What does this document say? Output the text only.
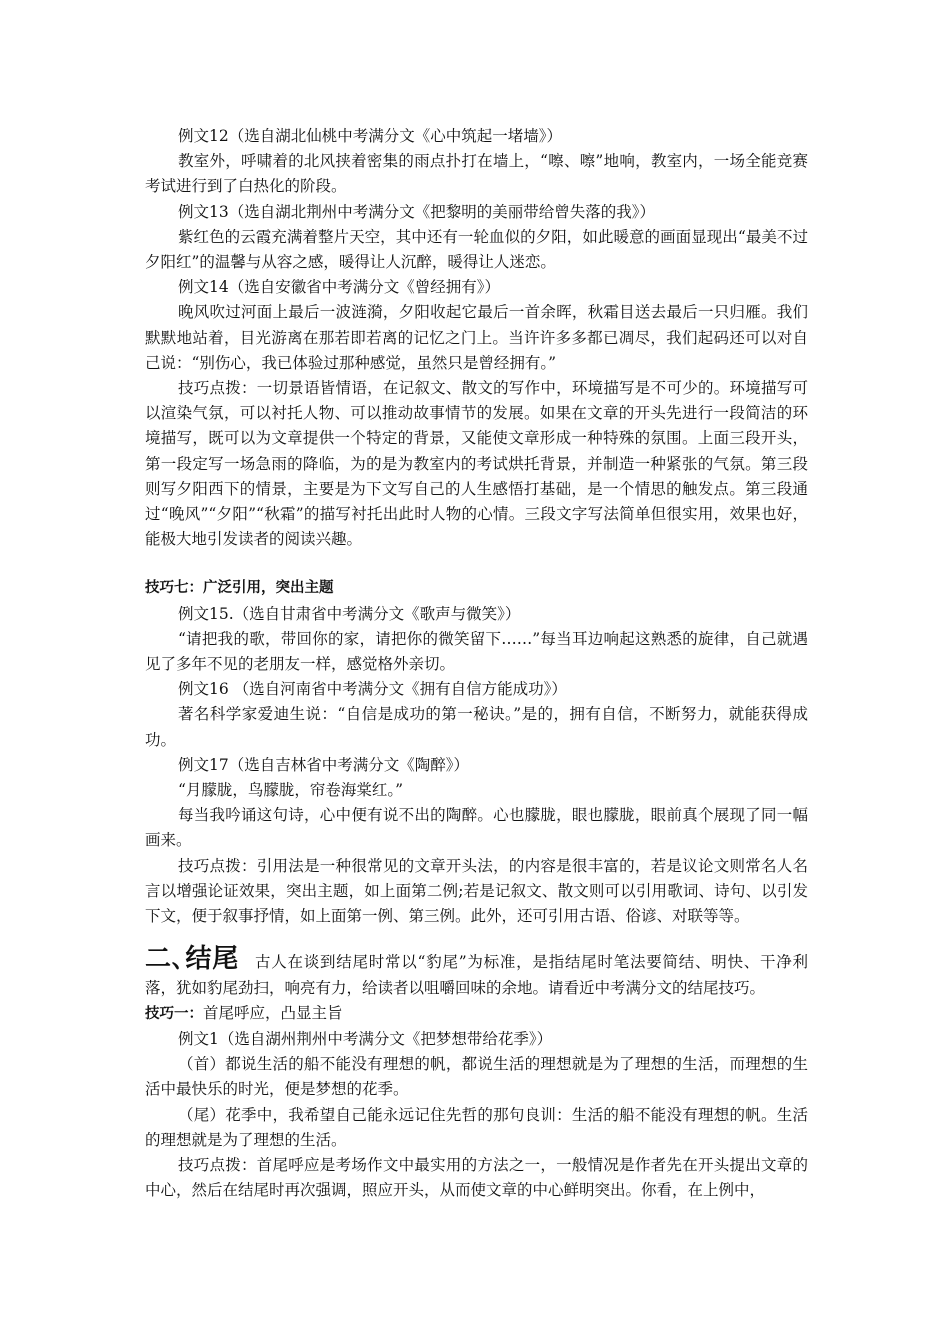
例文12（选自湖北仙桃中考满分文《心中筑起一堵墙》）

教室外，呼啸着的北风挟着密集的雨点扑打在墙上，“嚓、嚓”地响，教室内，一场全能竞赛考试进行到了白热化的阶段。

例文13（选自湖北荆州中考满分文《把黎明的美丽带给曾失落的我》）

紫红色的云霞充满着整片天空，其中还有一轮血似的夕阳，如此暖意的画面显现出“最美不过夕阳红”的温馨与从容之感，暖得让人沉醉，暖得让人迷恋。

例文14（选自安徽省中考满分文《曾经拥有》）

晚风吹过河面上最后一波涟漪，夕阳收起它最后一首余晖，秋霜目送去最后一只归雁。我们默默地站着，目光游离在那若即若离的记忆之门上。当许许多多都已凋尽，我们起码还可以对自己说：“别伤心，我已体验过那种感觉，虽然只是曾经拥有。”

技巧点拨：一切景语皆情语，在记叙文、散文的写作中，环境描写是不可少的。环境描写可以渲染气氛，可以衬托人物、可以推动故事情节的发展。如果在文章的开头先进行一段简洁的环境描写，既可以为文章提供一个特定的背景，又能使文章形成一种特殊的氛围。上面三段开头，第一段定写一场急雨的降临，为的是为教室内的考试烘托背景，并制造一种紧张的气氛。第三段则写夕阳西下的情景，主要是为下文写自己的人生感悟打基础，是一个情思的触发点。第三段通过“晚风”“夕阳”“秋霜”的描写衬托出此时人物的心情。三段文字写法简单但很实用，效果也好，能极大地引发读者的阅读兴趣。

技巧七：广泛引用，突出主题

例文15.（选自甘肃省中考满分文《歌声与微笑》）

“请把我的歌，带回你的家，请把你的微笑留下……”每当耳边响起这熟悉的旋律，自己就遇见了多年不见的老朋友一样，感觉格外亲切。

例文16 （选自河南省中考满分文《拥有自信方能成功》）

著名科学家爱迪生说：“自信是成功的第一秘诀。”是的，拥有自信，不断努力，就能获得成功。

例文17（选自吉林省中考满分文《陶醉》）

“月朦胧，鸟朦胧，帘卷海棠红。”

每当我吟诵这句诗，心中便有说不出的陶醉。心也朦胧，眼也朦胧，眼前真个展现了同一幅画来。

技巧点拨：引用法是一种很常见的文章开头法，的内容是很丰富的，若是议论文则常名人名言以增强论证效果，突出主题，如上面第二例;若是记叙文、散文则可以引用歌词、诗句、以引发下文，便于叙事抒情，如上面第一例、第三例。此外，还可引用古语、俗谚、对联等等。

二､结尾 古人在谈到结尾时常以“豹尾”为标准，是指结尾时笔法要简结、明快、干净利落，犹如豹尾劲扫，响亮有力，给读者以咀嚼回味的余地。请看近中考满分文的结尾技巧。

技巧一：首尾呼应，凸显主旨

例文1（选自湖州荆州中考满分文《把梦想带给花季》）

（首）都说生活的船不能没有理想的帆，都说生活的理想就是为了理想的生活，而理想的生活中最快乐的时光，便是梦想的花季。

（尾）花季中，我希望自己能永远记住先哲的那句良训：生活的船不能没有理想的帆。生活的理想就是为了理想的生活。

技巧点拨：首尾呼应是考场作文中最实用的方法之一，一般情况是作者先在开头提出文章的中心，然后在结尾时再次强调，照应开头，从而使文章的中心鲜明突出。你看，在上例中，
